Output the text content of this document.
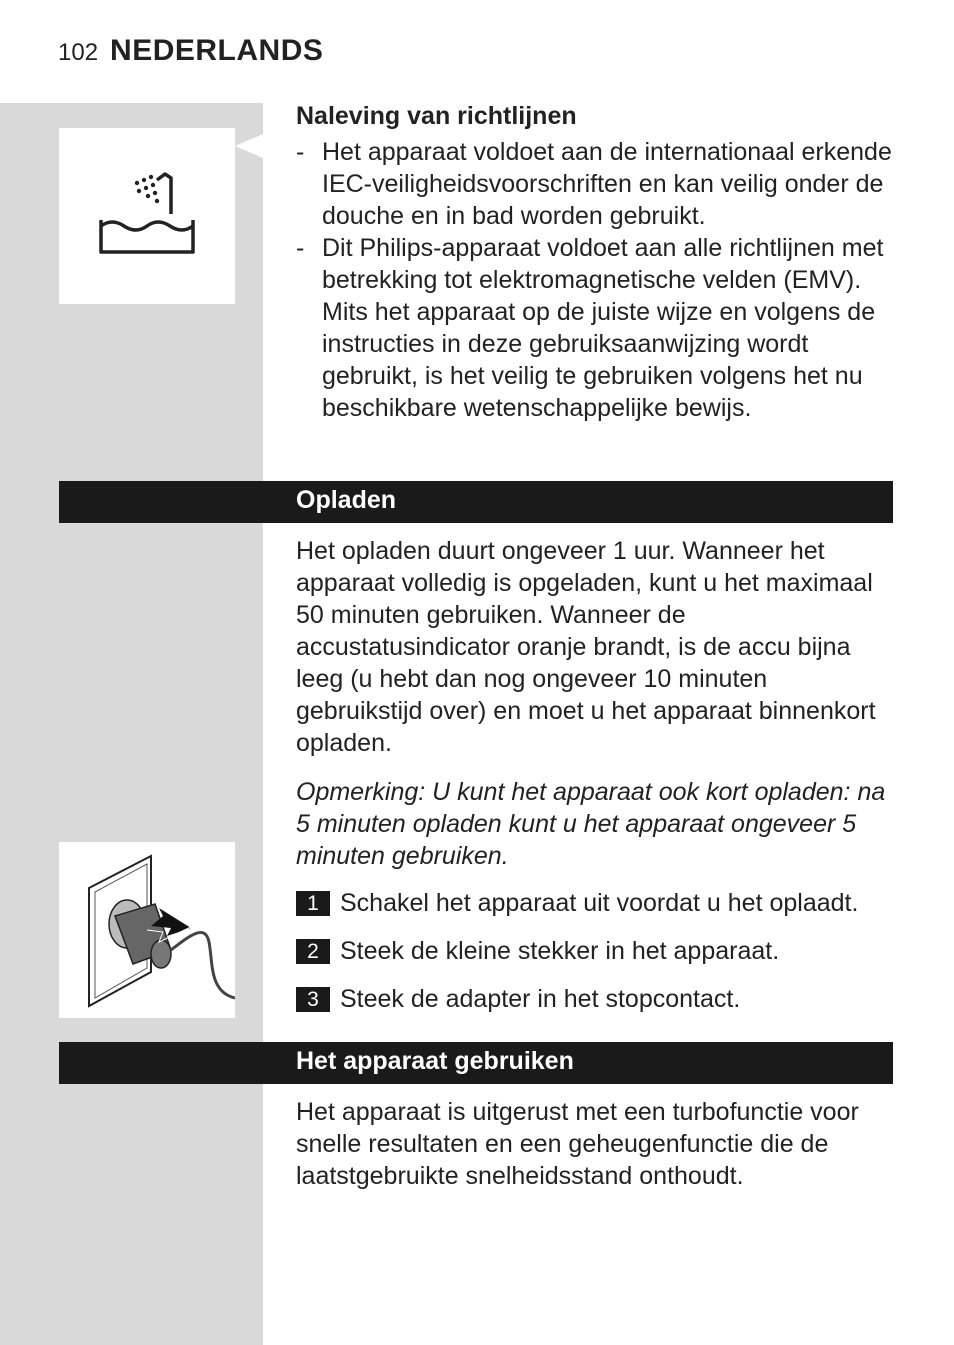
102 NEDERLANDS
Naleving van richtlijnen
- Het apparaat voldoet aan de internationaal erkende IEC-veiligheidsvoorschriften en kan veilig onder de douche en in bad worden gebruikt.
- Dit Philips-apparaat voldoet aan alle richtlijnen met betrekking tot elektromagnetische velden (EMV). Mits het apparaat op de juiste wijze en volgens de instructies in deze gebruiksaanwijzing wordt gebruikt, is het veilig te gebruiken volgens het nu beschikbare wetenschappelijke bewijs.
Opladen
Het opladen duurt ongeveer 1 uur. Wanneer het apparaat volledig is opgeladen, kunt u het maximaal 50 minuten gebruiken. Wanneer de accustatusindicator oranje brandt, is de accu bijna leeg (u hebt dan nog ongeveer 10 minuten gebruikstijd over) en moet u het apparaat binnenkort opladen.
Opmerking: U kunt het apparaat ook kort opladen: na 5 minuten opladen kunt u het apparaat ongeveer 5 minuten gebruiken.
1 Schakel het apparaat uit voordat u het oplaadt.
2 Steek de kleine stekker in het apparaat.
3 Steek de adapter in het stopcontact.
Het apparaat gebruiken
Het apparaat is uitgerust met een turbofunctie voor snelle resultaten en een geheugenfunctie die de laatstgebruikte snelheidsstand onthoudt.
